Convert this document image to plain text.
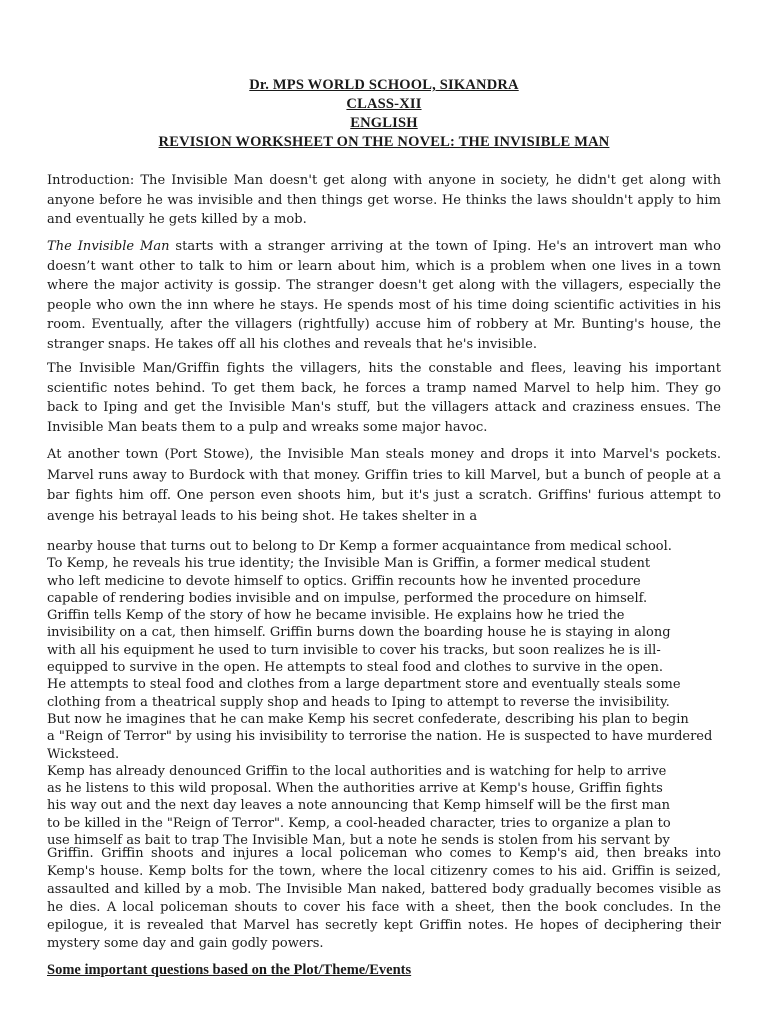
Dr. MPS WORLD SCHOOL, SIKANDRA
CLASS-XII
ENGLISH
REVISION WORKSHEET ON THE NOVEL: THE INVISIBLE MAN

Introduction: The Invisible Man doesn't get along with anyone in society, he didn't get along with anyone before he was invisible and then things get worse. He thinks the laws shouldn't apply to him and eventually he gets killed by a mob.

The Invisible Man starts with a stranger arriving at the town of Iping. He's an introvert man who doesn’t want other to talk to him or learn about him, which is a problem when one lives in a town where the major activity is gossip. The stranger doesn't get along with the villagers, especially the people who own the inn where he stays. He spends most of his time doing scientific activities in his room. Eventually, after the villagers (rightfully) accuse him of robbery at Mr. Bunting's house, the stranger snaps. He takes off all his clothes and reveals that he's invisible.

The Invisible Man/Griffin fights the villagers, hits the constable and flees, leaving his important scientific notes behind. To get them back, he forces a tramp named Marvel to help him. They go back to Iping and get the Invisible Man's stuff, but the villagers attack and craziness ensues. The Invisible Man beats them to a pulp and wreaks some major havoc.

At another town (Port Stowe), the Invisible Man steals money and drops it into Marvel's pockets. Marvel runs away to Burdock with that money. Griffin tries to kill Marvel, but a bunch of people at a bar fights him off. One person even shoots him, but it's just a scratch. Griffins' furious attempt to avenge his betrayal leads to his being shot. He takes shelter in a

nearby house that turns out to belong to Dr Kemp a former acquaintance from medical school.
To Kemp, he reveals his true identity; the Invisible Man is Griffin, a former medical student
who left medicine to devote himself to optics. Griffin recounts how he invented procedure
capable of rendering bodies invisible and on impulse, performed the procedure on himself.
Griffin tells Kemp of the story of how he became invisible. He explains how he tried the
invisibility on a cat, then himself. Griffin burns down the boarding house he is staying in along
with all his equipment he used to turn invisible to cover his tracks, but soon realizes he is ill-
equipped to survive in the open. He attempts to steal food and clothes to survive in the open.
He attempts to steal food and clothes from a large department store and eventually steals some
clothing from a theatrical supply shop and heads to Iping to attempt to reverse the invisibility.
But now he imagines that he can make Kemp his secret confederate, describing his plan to begin
a "Reign of Terror" by using his invisibility to terrorise the nation. He is suspected to have murdered
Wicksteed.
Kemp has already denounced Griffin to the local authorities and is watching for help to arrive
as he listens to this wild proposal. When the authorities arrive at Kemp's house, Griffin fights
his way out and the next day leaves a note announcing that Kemp himself will be the first man
to be killed in the "Reign of Terror". Kemp, a cool-headed character, tries to organize a plan to
use himself as bait to trap The Invisible Man, but a note he sends is stolen from his servant by

Griffin. Griffin shoots and injures a local policeman who comes to Kemp's aid, then breaks into Kemp's house. Kemp bolts for the town, where the local citizenry comes to his aid. Griffin is seized, assaulted and killed by a mob. The Invisible Man naked, battered body gradually becomes visible as he dies. A local policeman shouts to cover his face with a sheet, then the book concludes. In the epilogue, it is revealed that Marvel has secretly kept Griffin notes. He hopes of deciphering their mystery some day and gain godly powers.

Some important questions based on the Plot/Theme/Events
